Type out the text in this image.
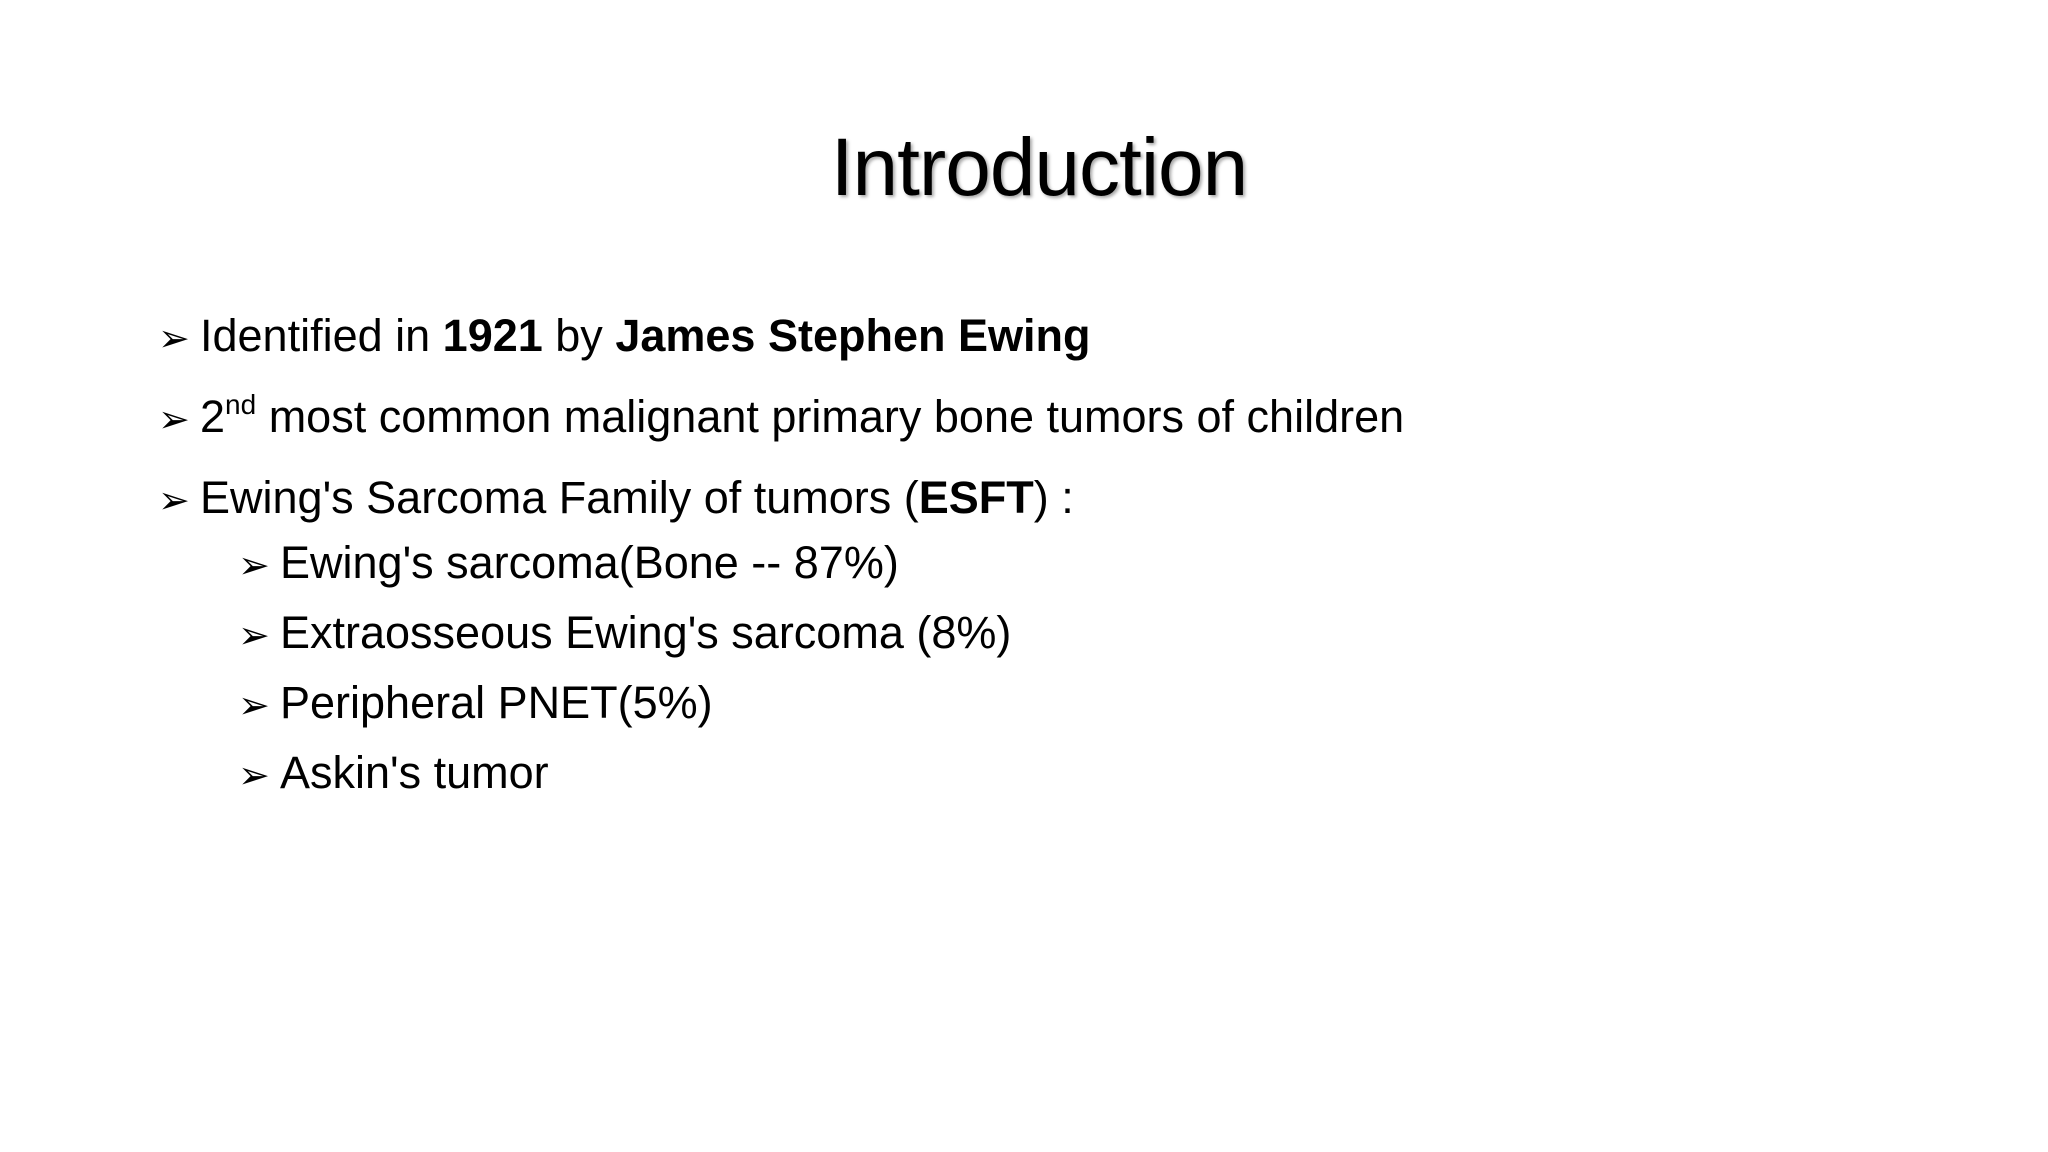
Introduction
➢ Identified in 1921 by James Stephen Ewing
➢ 2nd most common malignant primary bone tumors of children
➢ Ewing's Sarcoma Family of tumors (ESFT) :
➢ Ewing's sarcoma(Bone -- 87%)
➢ Extraosseous Ewing's sarcoma (8%)
➢ Peripheral PNET(5%)
➢ Askin's tumor
